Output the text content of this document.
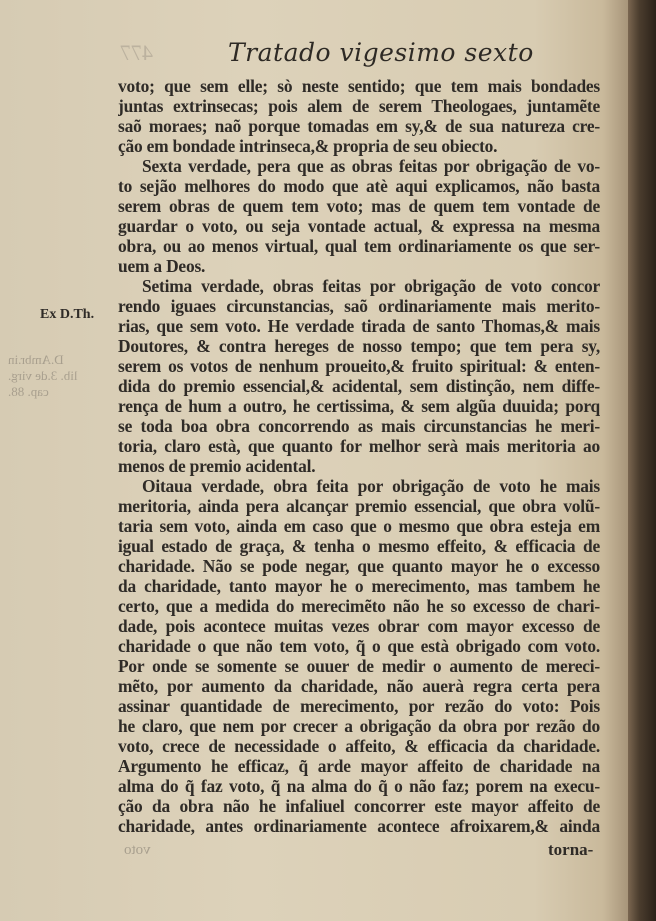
477	Tratado vigesimo sexto
Ex D.Th.
D.Ambr.in
lib. 3.de virg.
cap. 88.
voto; que sem elle; sò neste sentido; que tem mais bondades
juntas extrinsecas; pois alem de serem Theologaes, juntamẽte
saõ moraes; naõ porque tomadas em sy,& de sua natureza cre-
ção em bondade intrinseca,& propria de seu obiecto.
Sexta verdade, pera que as obras feitas por obrigação de vo-
to sejão melhores do modo que atè aqui explicamos, não basta
serem obras de quem tem voto; mas de quem tem vontade de
guardar o voto, ou seja vontade actual, & expressa na mesma
obra, ou ao menos virtual, qual tem ordinariamente os que ser-
uem a Deos.
Setima verdade, obras feitas por obrigação de voto concor
rendo iguaes circunstancias, saõ ordinariamente mais merito-
rias, que sem voto. He verdade tirada de santo Thomas,& mais
Doutores, & contra hereges de nosso tempo; que tem pera sy,
serem os votos de nenhum proueito,& fruito spiritual: & enten-
dida do premio essencial,& acidental, sem distinção, nem diffe-
rença de hum a outro, he certissima, & sem algũa duuida; porq
se toda boa obra concorrendo as mais circunstancias he meri-
toria, claro està, que quanto for melhor serà mais meritoria ao
menos de premio acidental.
Oitaua verdade, obra feita por obrigação de voto he mais
meritoria, ainda pera alcançar premio essencial, que obra volũ-
taria sem voto, ainda em caso que o mesmo que obra esteja em
igual estado de graça, & tenha o mesmo effeito, & efficacia de
charidade. Não se pode negar, que quanto mayor he o excesso
da charidade, tanto mayor he o merecimento, mas tambem he
certo, que a medida do merecimẽto não he so excesso de chari-
dade, pois acontece muitas vezes obrar com mayor excesso de
charidade o que não tem voto, q̃ o que està obrigado com voto.
Por onde se somente se ouuer de medir o aumento de mereci-
mẽto, por aumento da charidade, não auerà regra certa pera
assinar quantidade de merecimento, por rezão do voto: Pois
he claro, que nem por crecer a obrigação da obra por rezão do
voto, crece de necessidade o affeito, & efficacia da charidade.
Argumento he efficaz, q̃ arde mayor affeito de charidade na
alma do q̃ faz voto, q̃ na alma do q̃ o não faz; porem na execu-
ção da obra não he infaliuel concorrer este mayor affeito de
charidade, antes ordinariamente acontece afroixarem,& ainda
voto	torna-
